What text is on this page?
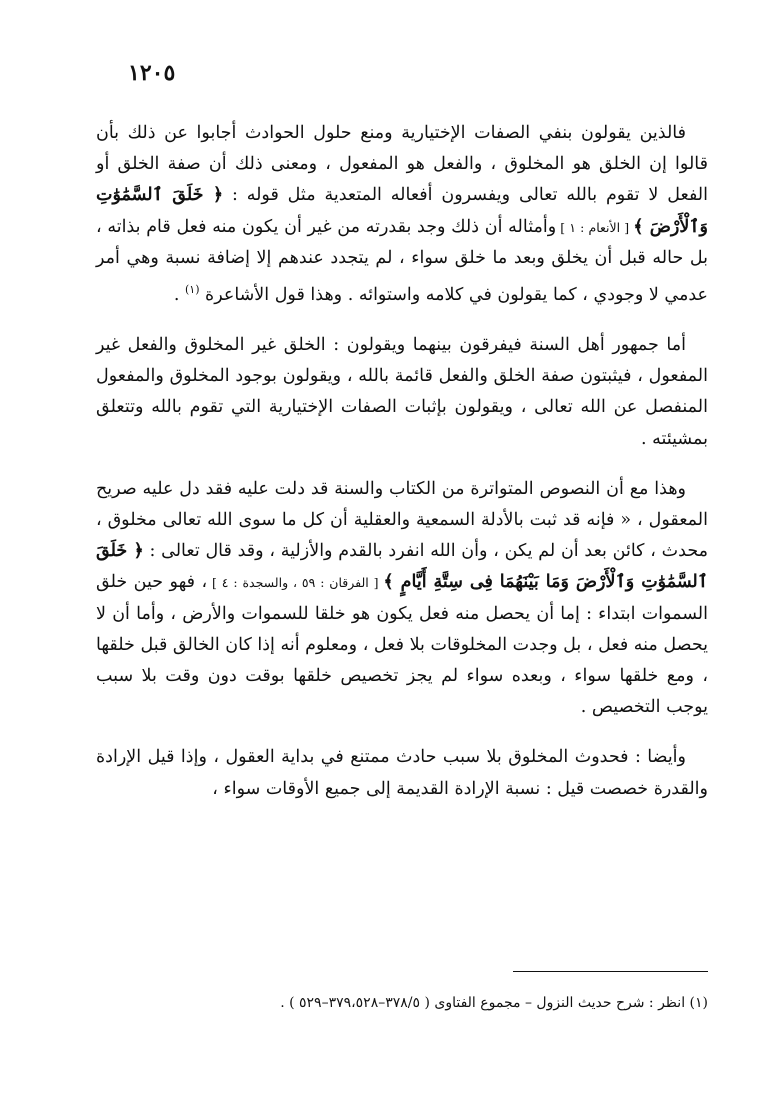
١٢٠٥

فالذين يقولون بنفي الصفات الإختيارية ومنع حلول الحوادث أجابوا عن ذلك بأن قالوا إن الخلق هو المخلوق ، والفعل هو المفعول ، ومعنى ذلك أن صفة الخلق أو الفعل لا تقوم بالله تعالى ويفسرون أفعاله المتعدية مثل قوله : ﴿ خَلَقَ ٱلسَّمَٰوَٰتِ وَٱلْأَرْضَ ﴾ [ الأنعام : ١ ] وأمثاله أن ذلك وجد بقدرته من غير أن يكون منه فعل قام بذاته ، بل حاله قبل أن يخلق وبعد ما خلق سواء ، لم يتجدد عندهم إلا إضافة نسبة وهي أمر عدمي لا وجودي ، كما يقولون في كلامه واستوائه . وهذا قول الأشاعرة $^{(١)}$ .

أما جمهور أهل السنة فيفرقون بينهما ويقولون : الخلق غير المخلوق والفعل غير المفعول ، فيثبتون صفة الخلق والفعل قائمة بالله ، ويقولون بوجود المخلوق والمفعول المنفصل عن الله تعالى ، ويقولون بإثبات الصفات الإختيارية التي تقوم بالله وتتعلق بمشيئته .

وهذا مع أن النصوص المتواترة من الكتاب والسنة قد دلت عليه فقد دل عليه صريح المعقول ، « فإنه قد ثبت بالأدلة السمعية والعقلية أن كل ما سوى الله تعالى مخلوق ، محدث ، كائن بعد أن لم يكن ، وأن الله انفرد بالقدم والأزلية ، وقد قال تعالى : ﴿ خَلَقَ ٱلسَّمَٰوَٰتِ وَٱلْأَرْضَ وَمَا بَيْنَهُمَا فِى سِتَّةِ أَيَّامٍ ﴾ [ الفرقان : ٥٩ ، والسجدة : ٤ ] ، فهو حين خلق السموات ابتداء : إما أن يحصل منه فعل يكون هو خلقا للسموات والأرض ، وأما أن لا يحصل منه فعل ، بل وجدت المخلوقات بلا فعل ، ومعلوم أنه إذا كان الخالق قبل خلقها ، ومع خلقها سواء ، وبعده سواء لم يجز تخصيص خلقها بوقت دون وقت بلا سبب يوجب التخصيص .

وأيضا : فحدوث المخلوق بلا سبب حادث ممتنع في بداية العقول ، وإذا قيل الإرادة والقدرة خصصت قيل : نسبة الإرادة القديمة إلى جميع الأوقات سواء ،

(١) انظر : شرح حديث النزول – مجموع الفتاوى ( ٣٧٨/٥–٣٧٩،٥٢٨–٥٢٩ ) .
